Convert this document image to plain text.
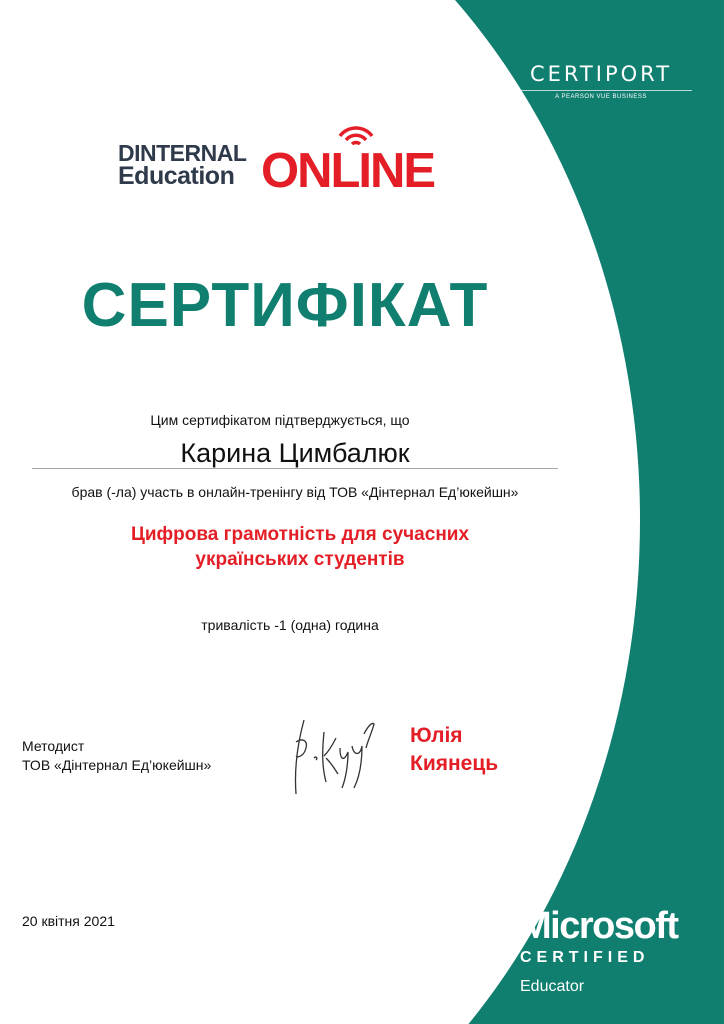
CERTIPORT
A PEARSON VUE BUSINESS
DINTERNAL
Education ONLINE
СЕРТИФІКАТ
Цим сертифікатом підтверджується, що
Карина Цимбалюк
брав (-ла) участь в онлайн-тренінгу від ТОВ «Дінтернал Ед’юкейшн»
Цифрова грамотність для сучасних
українських студентів
тривалість -1 (одна) година
Методист
ТОВ «Дінтернал Ед’юкейшн»
Юлія
Киянець
20 квітня 2021	Microsoft
CERTIFIED
Educator
